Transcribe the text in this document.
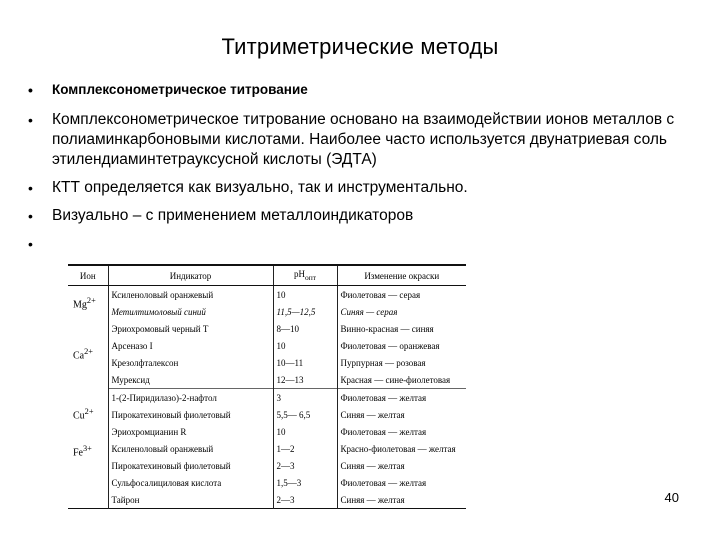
Титриметрические методы
• Комплексонометрическое титрование
• Комплексонометрическое титрование основано на взаимодействии ионов металлов с полиаминкарбоновыми кислотами. Наиболее часто используется двунатриевая соль этилендиаминтетрауксусной кислоты (ЭДТА)
• КТТ определяется как визуально, так и инструментально.
• Визуально – с применением металлоиндикаторов
•
Ион	Индикатор	$pH_{опт}$	Изменение окраски
$Mg^{2+}$	Ксиленоловый оранжевый	10	Фиолетовая — серая
	Метилтимоловый синий	11,5—12,5	Синяя — серая
$Ca^{2+}$	Эриохромовый черный Т	8—10	Винно-красная — синяя
	Арсеназо I	10	Фиолетовая — оранжевая
	Крезолфталексон	10—11	Пурпурная — розовая
	Мурексид	12—13	Красная — сине-фиолетовая
$Cu^{2+}$	1-(2-Пиридилазо)-2-нафтол	3	Фиолетовая — желтая
	Пирокатехиновый фиолетовый	5,5— 6,5	Синяя — желтая
	Эриохромцианин R	10	Фиолетовая — желтая
$Fe^{3+}$	Ксиленоловый оранжевый	1—2	Красно-фиолетовая — желтая
	Пирокатехиновый фиолетовый	2—3	Синяя — желтая
	Сульфосалициловая кислота	1,5—3	Фиолетовая — желтая
	Тайрон	2—3	Синяя — желтая	40
